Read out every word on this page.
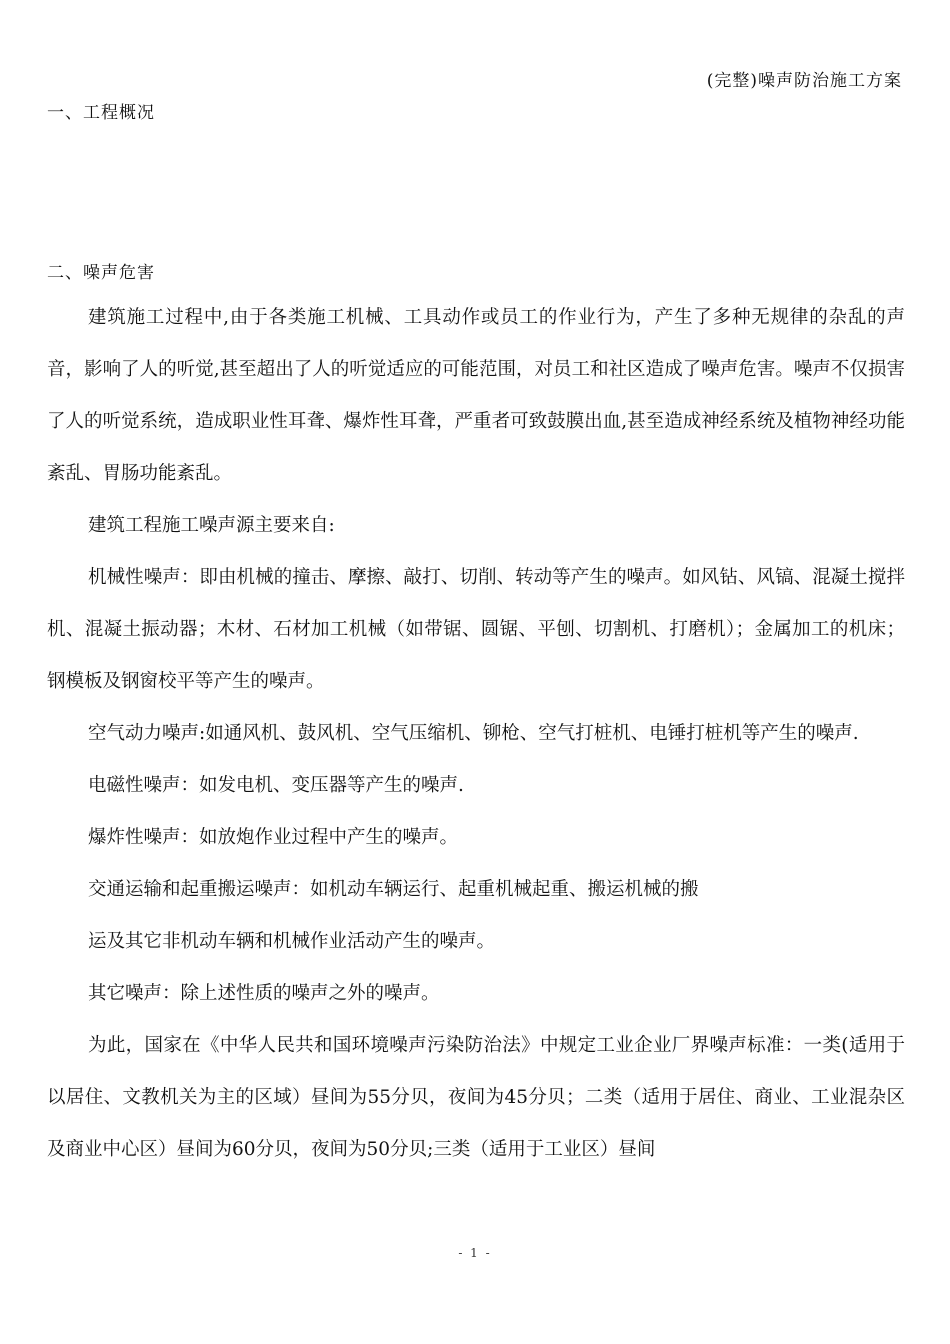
(完整)噪声防治施工方案
一、工程概况
二、噪声危害

建筑施工过程中,由于各类施工机械、工具动作或员工的作业行为，产生了多种无规律的杂乱的声音，影响了人的听觉,甚至超出了人的听觉适应的可能范围，对员工和社区造成了噪声危害。噪声不仅损害了人的听觉系统，造成职业性耳聋、爆炸性耳聋，严重者可致鼓膜出血,甚至造成神经系统及植物神经功能紊乱、胃肠功能紊乱。

建筑工程施工噪声源主要来自:

机械性噪声：即由机械的撞击、摩擦、敲打、切削、转动等产生的噪声。如风钻、风镐、混凝土搅拌机、混凝土振动器；木材、石材加工机械（如带锯、圆锯、平刨、切割机、打磨机）；金属加工的机床；钢模板及钢窗校平等产生的噪声。

空气动力噪声:如通风机、鼓风机、空气压缩机、铆枪、空气打桩机、电锤打桩机等产生的噪声.

电磁性噪声：如发电机、变压器等产生的噪声.

爆炸性噪声：如放炮作业过程中产生的噪声。

交通运输和起重搬运噪声：如机动车辆运行、起重机械起重、搬运机械的搬

运及其它非机动车辆和机械作业活动产生的噪声。

其它噪声：除上述性质的噪声之外的噪声。

为此，国家在《中华人民共和国环境噪声污染防治法》中规定工业企业厂界噪声标准：一类(适用于以居住、文教机关为主的区域）昼间为55分贝，夜间为45分贝；二类（适用于居住、商业、工业混杂区及商业中心区）昼间为60分贝，夜间为50分贝;三类（适用于工业区）昼间

- 1 -
